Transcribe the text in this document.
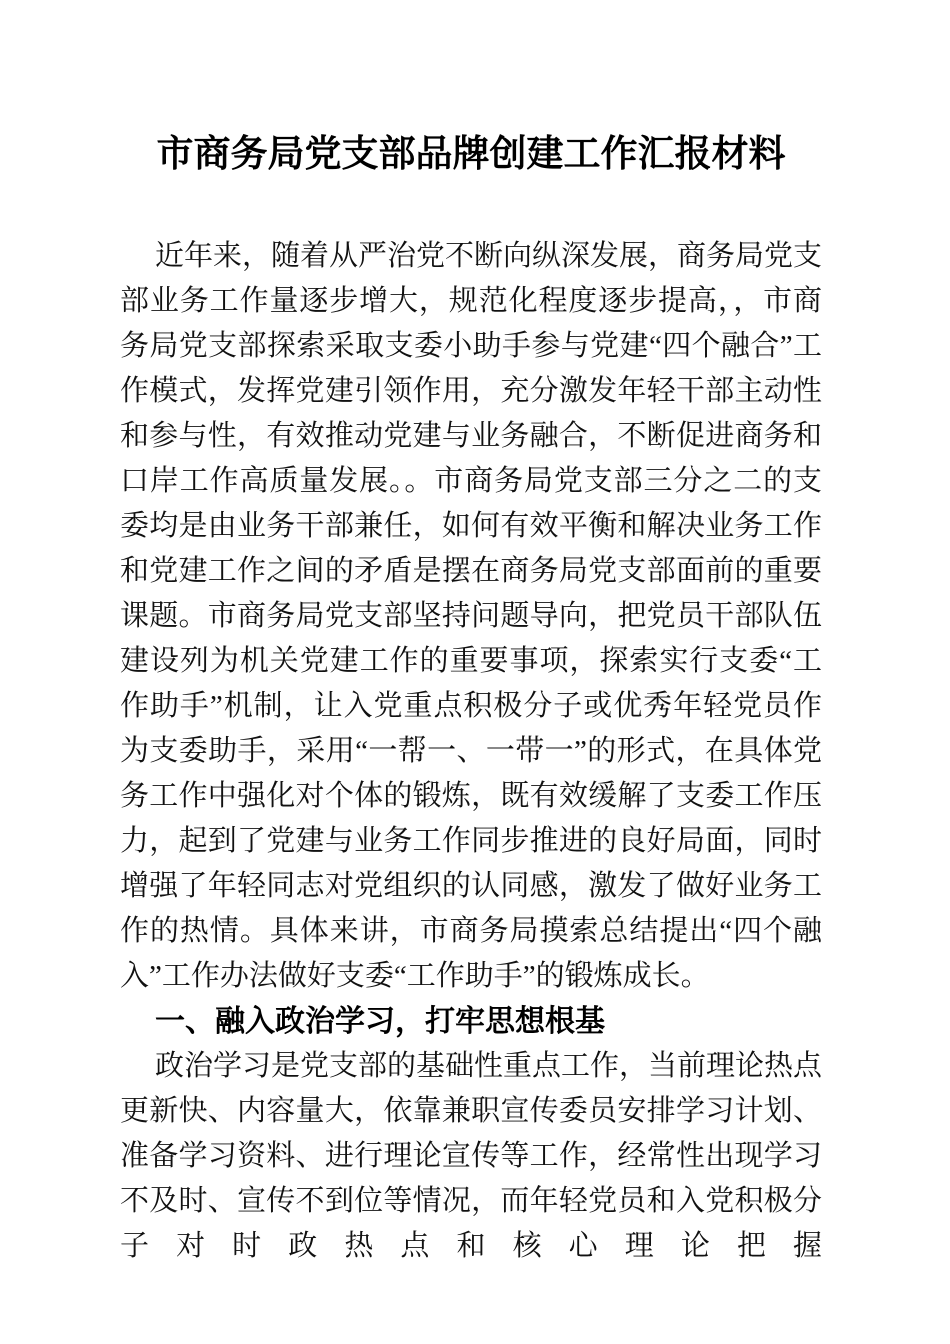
市商务局党支部品牌创建工作汇报材料

近年来，随着从严治党不断向纵深发展，商务局党支部业务工作量逐步增大，规范化程度逐步提高，，市商务局党支部探索采取支委小助手参与党建“四个融合”工作模式，发挥党建引领作用，充分激发年轻干部主动性和参与性，有效推动党建与业务融合，不断促进商务和口岸工作高质量发展。。市商务局党支部三分之二的支委均是由业务干部兼任，如何有效平衡和解决业务工作和党建工作之间的矛盾是摆在商务局党支部面前的重要课题。市商务局党支部坚持问题导向，把党员干部队伍建设列为机关党建工作的重要事项，探索实行支委“工作助手”机制，让入党重点积极分子或优秀年轻党员作为支委助手，采用“一帮一、一带一”的形式，在具体党务工作中强化对个体的锻炼，既有效缓解了支委工作压力，起到了党建与业务工作同步推进的良好局面，同时增强了年轻同志对党组织的认同感，激发了做好业务工作的热情。具体来讲，市商务局摸索总结提出“四个融入”工作办法做好支委“工作助手”的锻炼成长。

一、融入政治学习，打牢思想根基

政治学习是党支部的基础性重点工作，当前理论热点更新快、内容量大，依靠兼职宣传委员安排学习计划、准备学习资料、进行理论宣传等工作，经常性出现学习不及时、宣传不到位等情况，而年轻党员和入党积极分子对时政热点和核心理论把握
